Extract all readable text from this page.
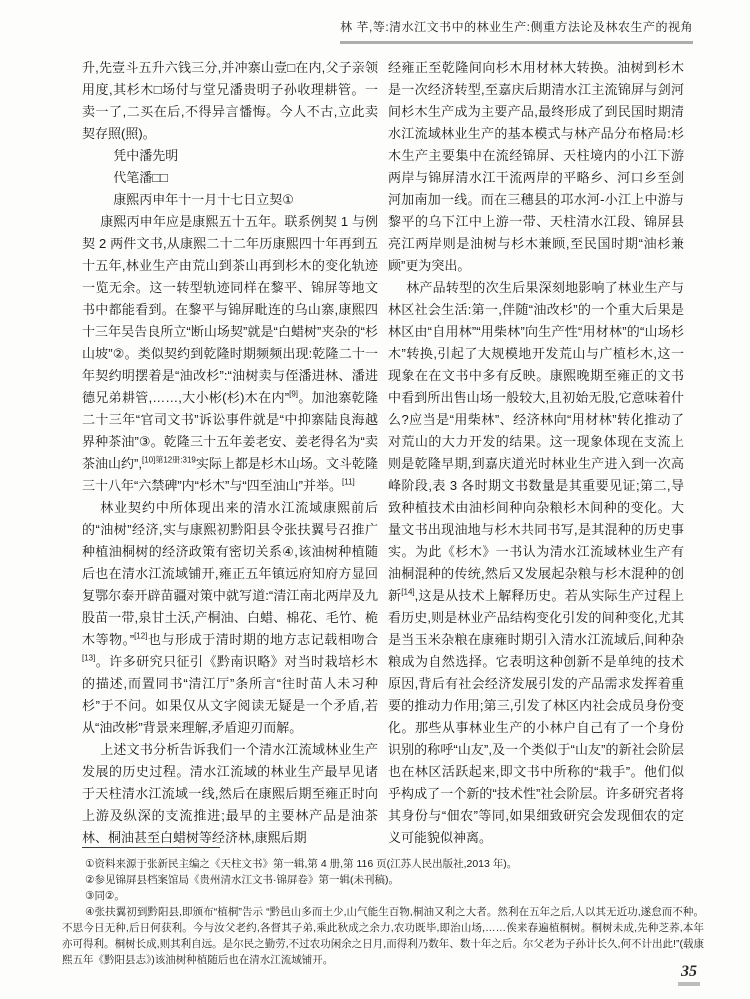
林 芊,等:清水江文书中的林业生产:侧重方法论及林农生产的视角

升,先壹斗五升六钱三分,并冲寨山壹□在内,父子亲领用度,其杉木□场付与堂兄潘贵明子孙收理耕管。一卖一了,二买在后,不得异言憣悔。今人不古,立此卖契存照(照)。

凭中潘先明

代笔潘□□

康熙丙申年十一月十七日立契①

康熙丙申年应是康熙五十五年。联系例契 1 与例契 2 两件文书,从康熙二十二年历康熙四十年再到五十五年,林业生产由荒山到茶山再到杉木的变化轨迹一览无余。这一转型轨迹同样在黎平、锦屏等地文书中都能看到。在黎平与锦屏毗连的乌山寨,康熙四十三年吴告良所立“断山场契”就是“白蜡树”夹杂的“杉山坡”②。类似契约到乾隆时期频频出现:乾隆二十一年契约明摆着是“油改杉”:“油树卖与侄潘进林、潘进德兄弟耕管,……,大小彬(杉)木在内”[9]。加池寨乾隆二十三年“官司文书”诉讼事件就是“中抑寨陆良海越界种茶油”③。乾隆三十五年姜老安、姜老得名为“卖茶油山约”,$^{[10]第12册:319}$实际上都是杉木山场。文斗乾隆三十八年“六禁碑”内“杉木”与“四至油山”并举。[11]

林业契约中所体现出来的清水江流域康熙前后的“油树”经济,实与康熙初黔阳县令张扶翼号召推广种植油桐树的经济政策有密切关系④,该油树种植随后也在清水江流域铺开,雍正五年镇远府知府方显回复鄂尔泰开辟苗疆对策中就写道:“清江南北两岸及九股苗一带,泉甘土沃,产桐油、白蜡、棉花、毛竹、桅木等物。”[12]也与形成于清时期的地方志记载相吻合[13]。许多研究只征引《黔南识略》对当时栽培杉木的描述,而置同书“清江厅”条所言“往时苗人未习种杉”于不问。如果仅从文字阅读无疑是一个矛盾,若从“油改彬”背景来理解,矛盾迎刃而解。

上述文书分析告诉我们一个清水江流域林业生产发展的历史过程。清水江流域的林业生产最早见诸于天柱清水江流域一线,然后在康熙后期至雍正时向上游及纵深的支流推进;最早的主要林产品是油茶林、桐油甚至白蜡树等经济林,康熙后期

经雍正至乾隆间向杉木用材林大转换。油树到杉木是一次经济转型,至嘉庆后期清水江主流锦屏与剑河间杉木生产成为主要产品,最终形成了到民国时期清水江流域林业生产的基本模式与林产品分布格局:杉木生产主要集中在流经锦屏、天柱境内的小江下游两岸与锦屏清水江干流两岸的平略乡、河口乡至剑河加南加一线。而在三穗县的邛水河-小江上中游与黎平的乌下江中上游一带、天柱清水江段、锦屏县亮江两岸则是油树与杉木兼顾,至民国时期“油杉兼顾”更为突出。

林产品转型的次生后果深刻地影响了林业生产与林区社会生活:第一,伴随“油改杉”的一个重大后果是林区由“自用林”“用柴林”向生产性“用材林”的“山场杉木”转换,引起了大规模地开发荒山与广植杉木,这一现象在在文书中多有反映。康熙晚期至雍正的文书中看到所出售山场一般较大,且初始无股,它意味着什么?应当是“用柴林”、经济林向“用材林”转化推动了对荒山的大力开发的结果。这一现象体现在支流上则是乾隆早期,到嘉庆道光时林业生产进入到一次高峰阶段,表 3 各时期文书数量是其重要见证;第二,导致种植技术由油杉间种向杂粮杉木间种的变化。大量文书出现油地与杉木共同书写,是其混种的历史事实。为此《杉木》一书认为清水江流域林业生产有油桐混种的传统,然后又发展起杂粮与杉木混种的创新[14],这是从技术上解释历史。若从实际生产过程上看历史,则是林业产品结构变化引发的间种变化,尤其是当玉米杂粮在康雍时期引入清水江流域后,间种杂粮成为自然选择。它表明这种创新不是单纯的技术原因,背后有社会经济发展引发的产品需求发挥着重要的推动力作用;第三,引发了林区内社会成员身份变化。那些从事林业生产的小林户自己有了一个身份识别的称呼“山友”,及一个类似于“山友”的新社会阶层也在林区活跃起来,即文书中所称的“栽手”。他们似乎构成了一个新的“技术性”社会阶层。许多研究者将其身份与“佃农”等同,如果细致研究会发现佃农的定义可能貌似神离。

①资料来源于张新民主编之《天柱文书》第一辑,第 4 册,第 116 页(江苏人民出版社,2013 年)。

②参见锦屏县档案馆局《贵州清水江文书·锦屏卷》第一辑(未刊稿)。

③同②。

④张扶翼初到黔阳县,即颁布“植桐”告示 “黔邑山多而土少,山气能生百物,桐油又利之大者。然利在五年之后,人以其无近功,遂怠而不种。不思今日无种,后日何获利。今与汝父老约,各督其子弟,乘此秋成之余力,农功既毕,即治山场,……俟来春遍植桐树。桐树未成,先种芝荞,本年亦可得利。桐树长成,则其利自远。是尔民之勤劳,不过农功闲余之日月,而得利乃数年、数十年之后。尔父老为子孙计长久,何不计出此!”(载康熙五年《黔阳县志》)该油树种植随后也在清水江流域铺开。

35
